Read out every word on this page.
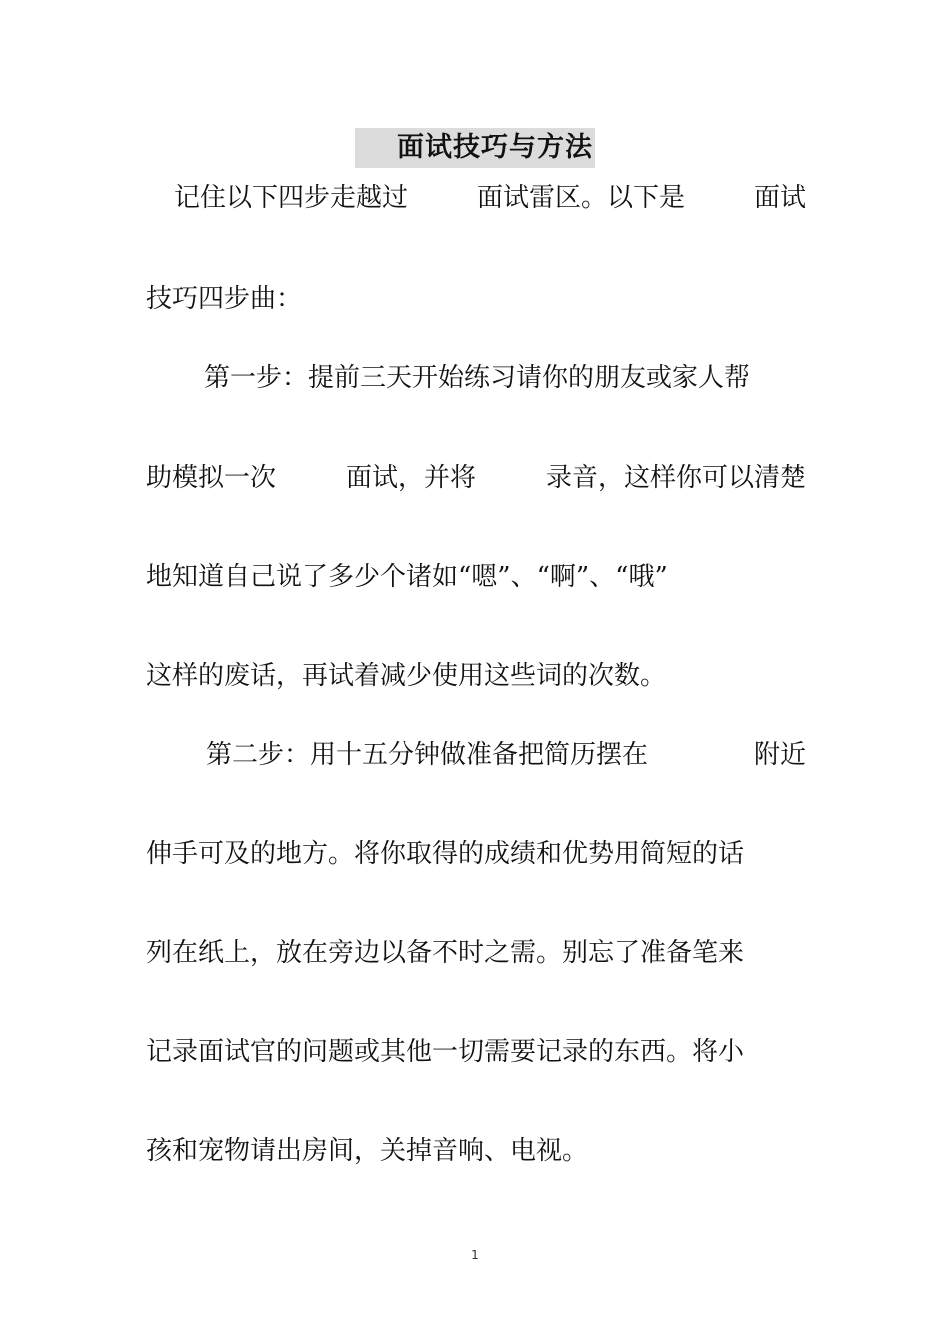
面试技巧与方法
记住以下四步走越过	面试雷区。以下是	面试
技巧四步曲：
第一步：提前三天开始练习请你的朋友或家人帮
助模拟一次	面试，并将	录音，这样你可以清楚
地知道自己说了多少个诸如“嗯”、“啊”、“哦”
这样的废话，再试着减少使用这些词的次数。
第二步：用十五分钟做准备把简历摆在	附近
伸手可及的地方。将你取得的成绩和优势用简短的话
列在纸上，放在旁边以备不时之需。别忘了准备笔来
记录面试官的问题或其他一切需要记录的东西。将小
孩和宠物请出房间，关掉音响、电视。
1
